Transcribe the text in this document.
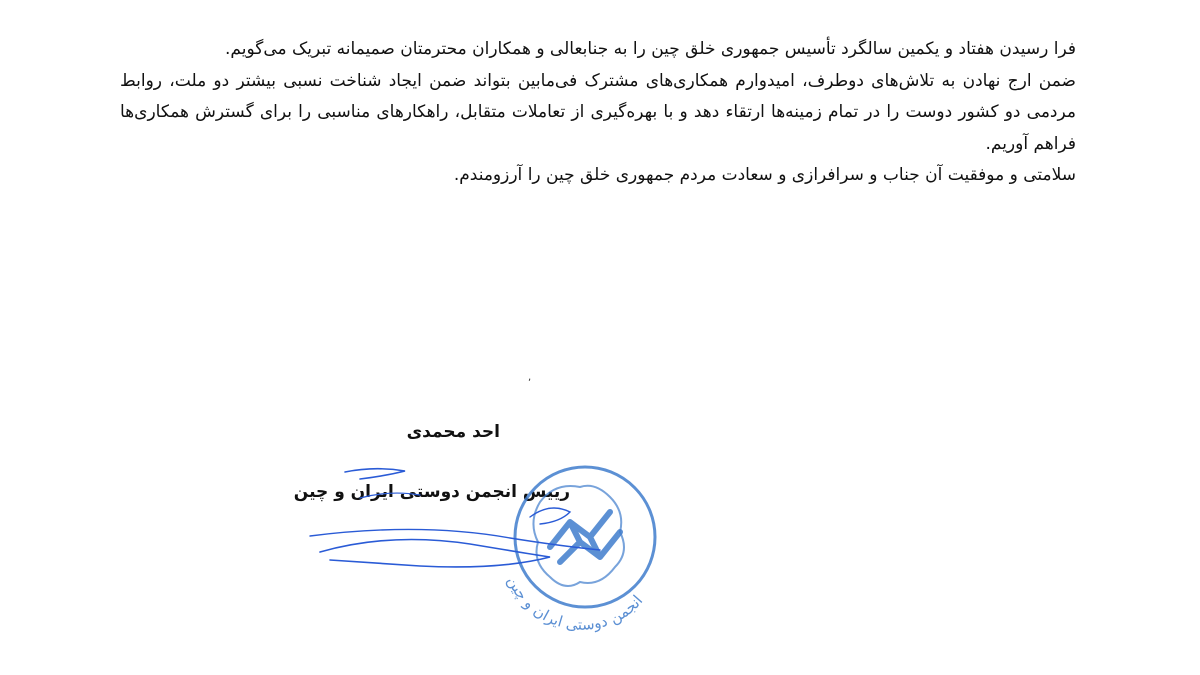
فرا رسیدن هفتاد و یکمین سالگرد تأسیس جمهوری خلق چین را به جنابعالی و همکاران محترمتان صمیمانه تبریک می‌گویم.

ضمن ارج نهادن به تلاش‌های دوطرف، امیدوارم همکاری‌های مشترک فی‌مابین بتواند ضمن ایجاد شناخت نسبی بیشتر دو ملت، روابط مردمی دو کشور دوست را در تمام زمینه‌ها ارتقاء دهد و با بهره‌گیری از تعاملات متقابل، راهکارهای مناسبی را برای گسترش همکاری‌ها فراهم آوریم.

سلامتی و موفقیت آن جناب و سرافرازی و سعادت مردم جمهوری خلق چین را آرزومندم.

,
احد محمدی
رییس انجمن دوستی ایران و چین
انجمن دوستی ایران و چین
